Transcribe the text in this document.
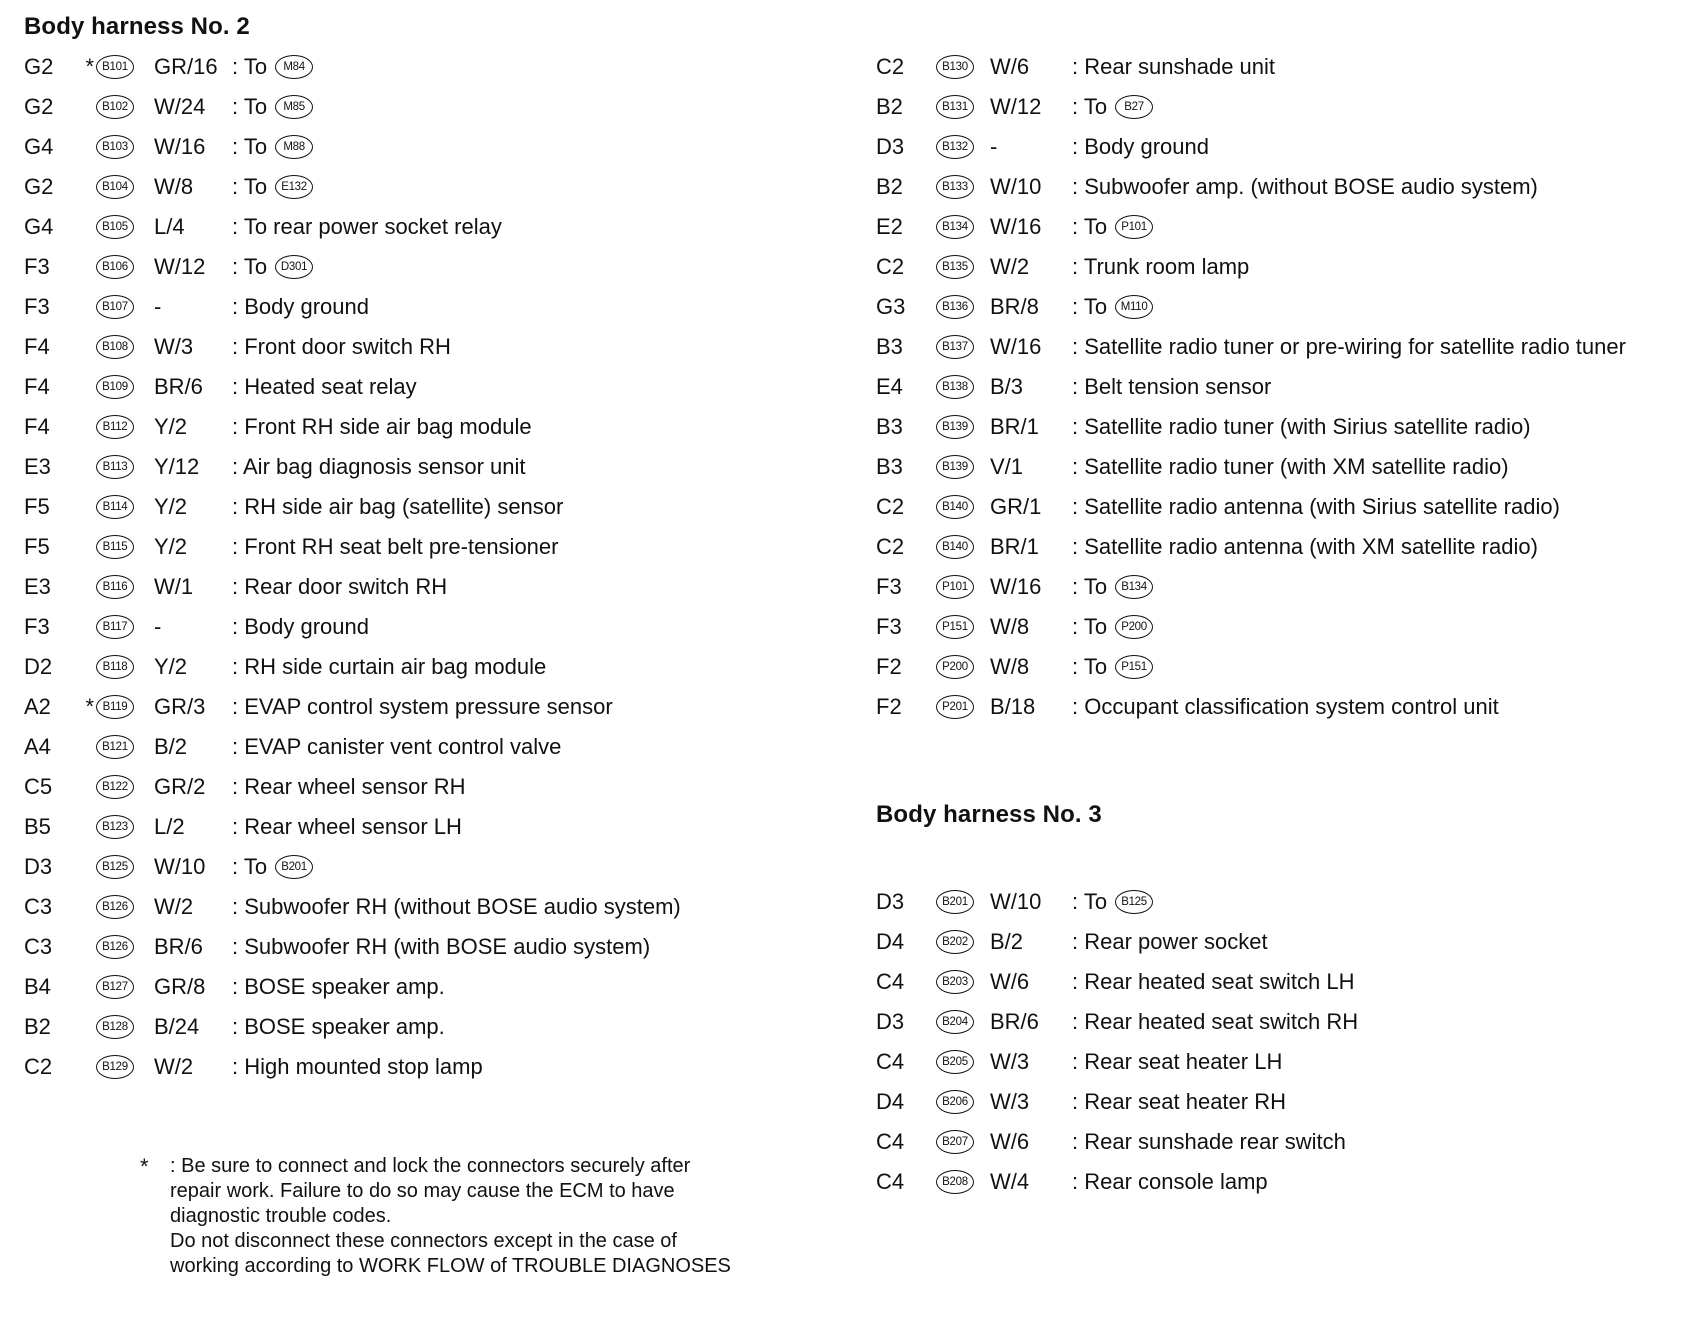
Body harness No. 2
G2	* B101	GR/16 : To	M84
G2	B102	W/24	: To	M85
G4	B103	W/16	: To	M88
G2	B104	W/8	: To	E132
G4	B105	L/4	: To rear power socket relay
F3	B106	W/12	: To	D301
F3	B107	-	: Body ground
F4	B108	W/3	: Front door switch RH
F4	B109	BR/6	: Heated seat relay
F4	B112	Y/2	: Front RH side air bag module
E3	B113	Y/12	: Air bag diagnosis sensor unit
F5	B114	Y/2	: RH side air bag (satellite) sensor
F5	B115	Y/2	: Front RH seat belt pre-tensioner
E3	B116	W/1	: Rear door switch RH
F3	B117	-	: Body ground
D2	B118	Y/2	: RH side curtain air bag module
A2	* B119	GR/3	: EVAP control system pressure sensor
A4	B121	B/2	: EVAP canister vent control valve
C5	B122	GR/2	: Rear wheel sensor RH
B5	B123	L/2	: Rear wheel sensor LH
D3	B125	W/10	: To	B201
C3	B126	W/2	: Subwoofer RH (without BOSE audio system)
C3	B126	BR/6	: Subwoofer RH (with BOSE audio system)
B4	B127	GR/8	: BOSE speaker amp.
B2	B128	B/24	: BOSE speaker amp.
C2	B129	W/2	: High mounted stop lamp
C2	B130	W/6	: Rear sunshade unit
B2	B131	W/12	: To	B27
D3	B132	-	: Body ground
B2	B133	W/10	: Subwoofer amp. (without BOSE audio system)
E2	B134	W/16	: To	P101
C2	B135	W/2	: Trunk room lamp
G3	B136	BR/8	: To	M110
B3	B137	W/16	: Satellite radio tuner or pre-wiring for satellite radio tuner
E4	B138	B/3	: Belt tension sensor
B3	B139	BR/1	: Satellite radio tuner (with Sirius satellite radio)
B3	B139	V/1	: Satellite radio tuner (with XM satellite radio)
C2	B140	GR/1	: Satellite radio antenna (with Sirius satellite radio)
C2	B140	BR/1	: Satellite radio antenna (with XM satellite radio)
F3	P101	W/16	: To	B134
F3	P151	W/8	: To	P200
F2	P200	W/8	: To	P151
F2	P201	B/18	: Occupant classification system control unit
Body harness No. 3
D3	B201	W/10	: To	B125
D4	B202	B/2	: Rear power socket
C4	B203	W/6	: Rear heated seat switch LH
D3	B204	BR/6	: Rear heated seat switch RH
C4	B205	W/3	: Rear seat heater LH
D4	B206	W/3	: Rear seat heater RH
C4	B207	W/6	: Rear sunshade rear switch
C4	B208	W/4	: Rear console lamp
* : Be sure to connect and lock the connectors securely after
repair work. Failure to do so may cause the ECM to have
diagnostic trouble codes.
Do not disconnect these connectors except in the case of
working according to WORK FLOW of TROUBLE DIAGNOSES
